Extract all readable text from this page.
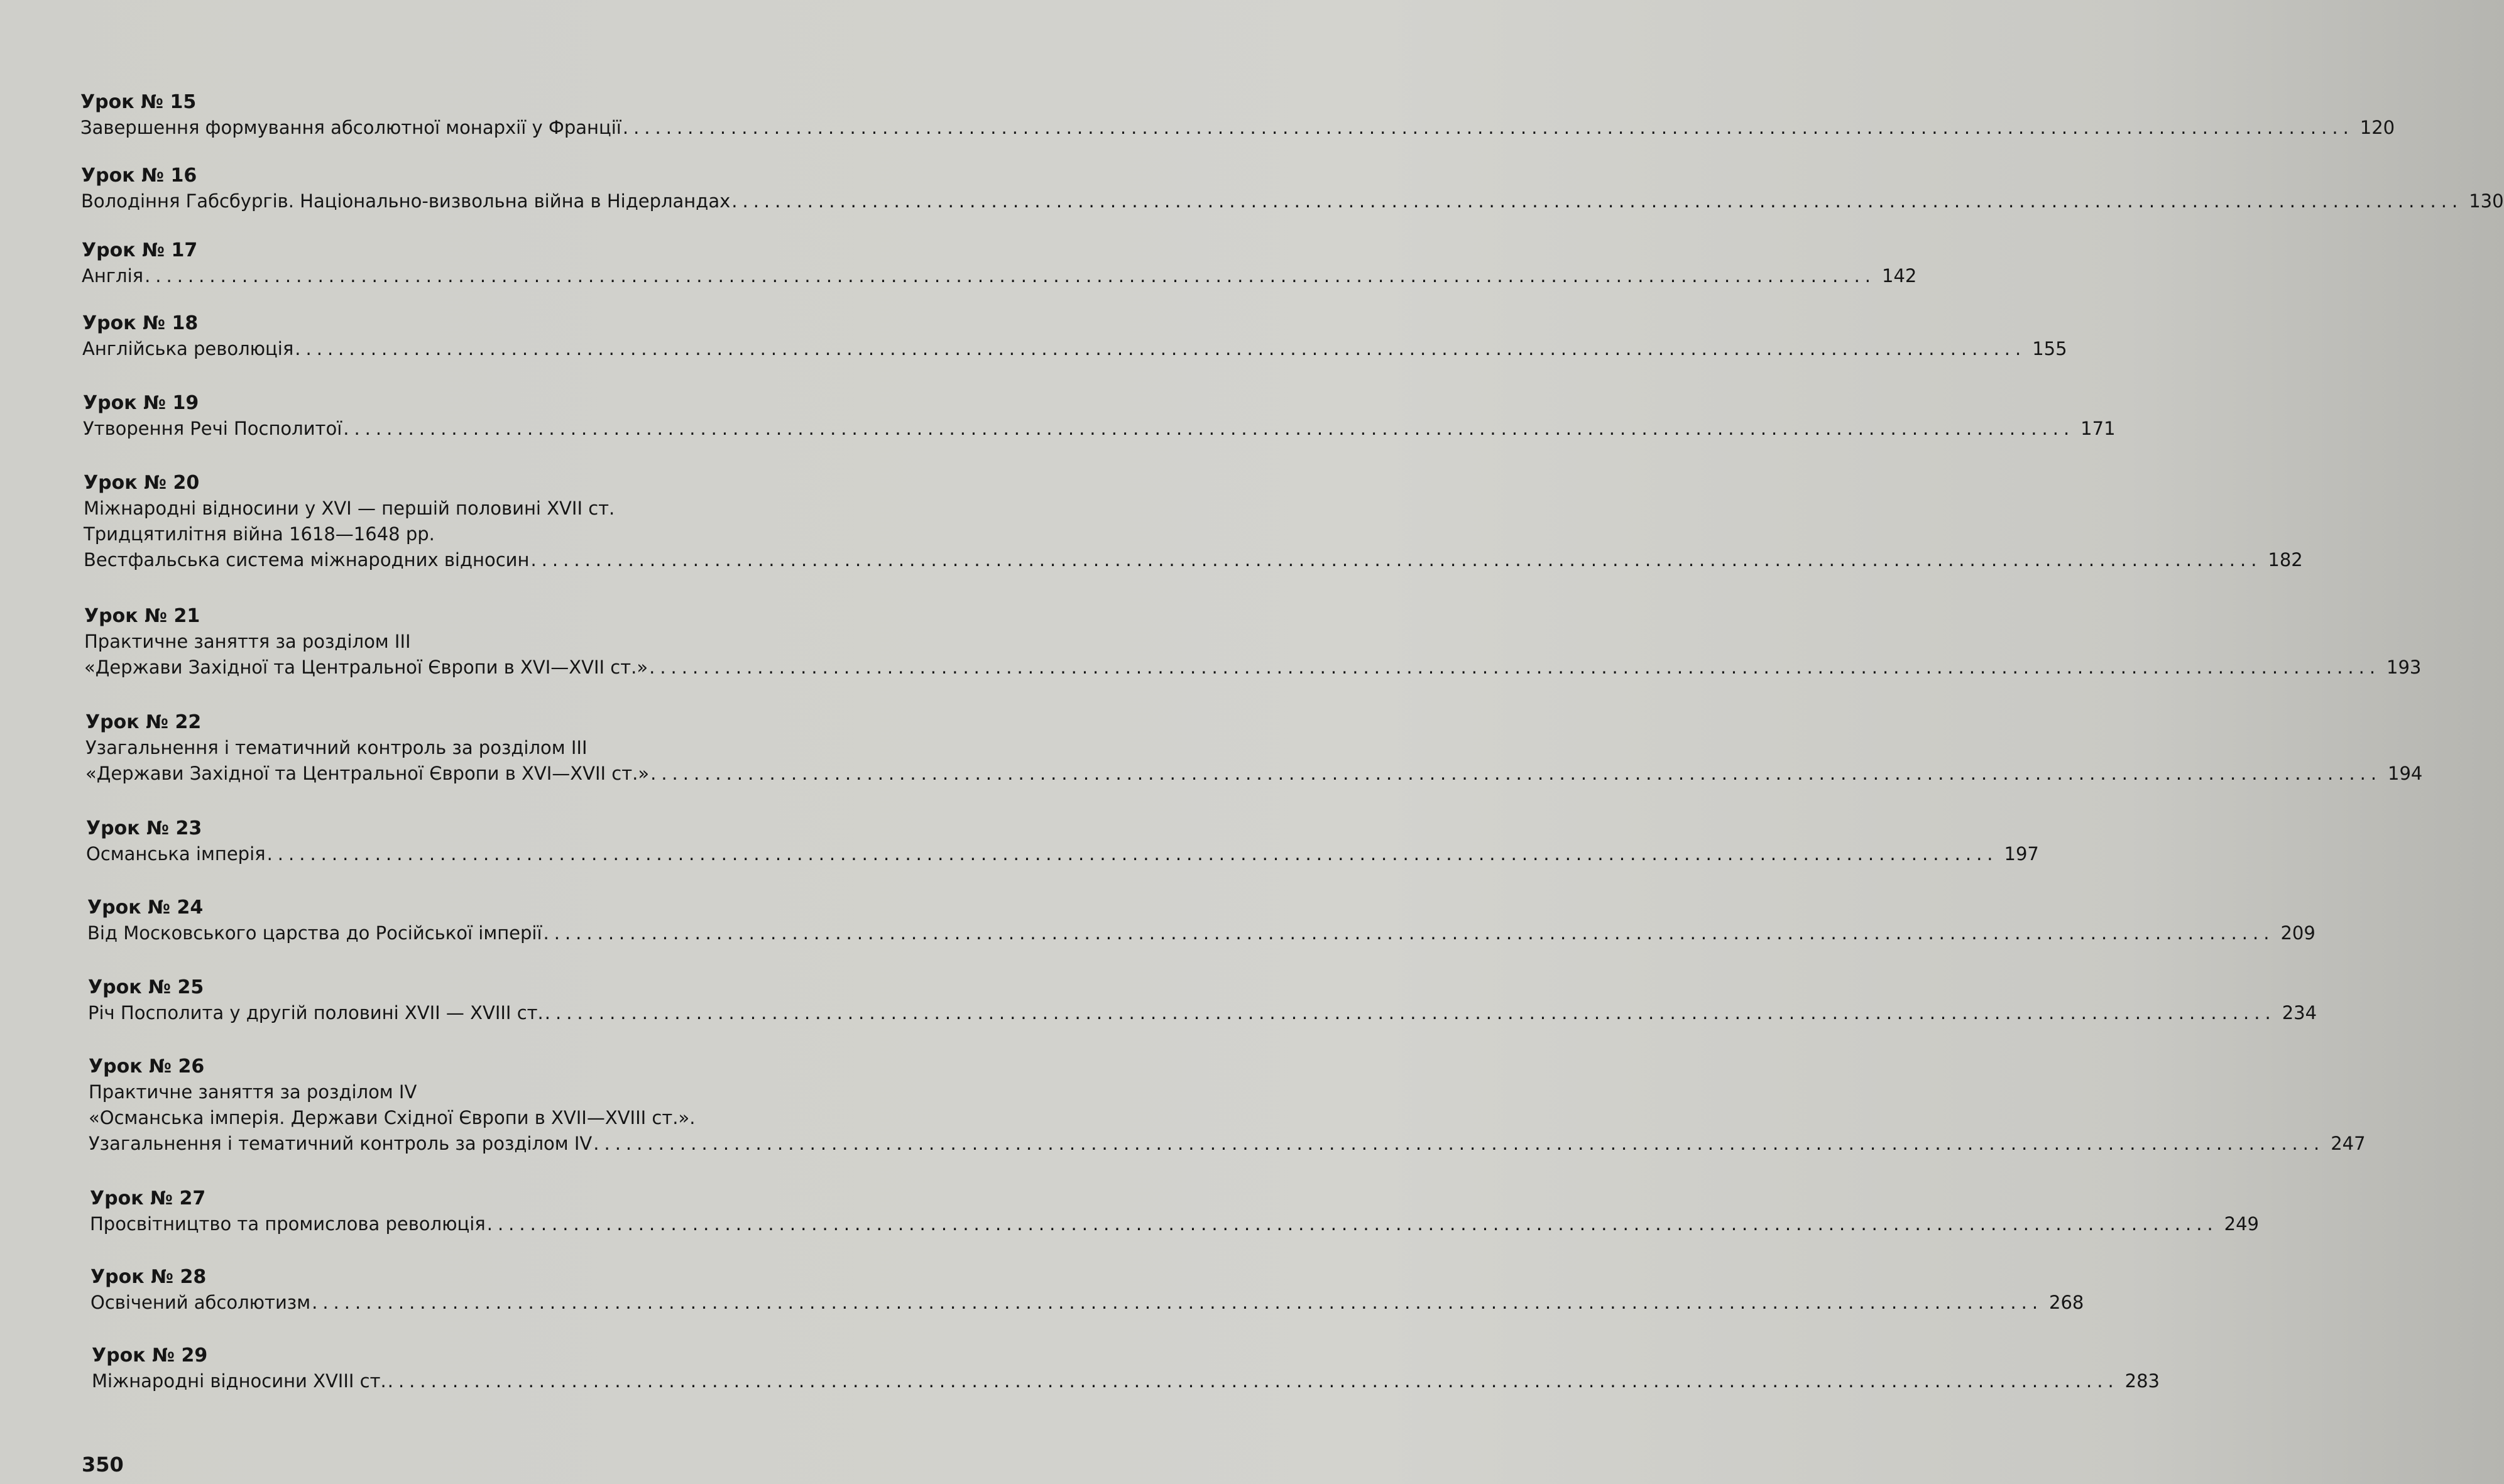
Урок № 15
Завершення формування абсолютної монархії у Франції .....	120
Урок № 16
Володіння Габсбургів. Національно-визвольна війна в Нідерландах .....	130
Урок № 17
Англія .....	142
Урок № 18
Англійська революція .....	155
Урок № 19
Утворення Речі Посполитої .....	171
Урок № 20
Міжнародні відносини у XVI — першій половині XVII ст.
Тридцятилітня війна 1618—1648 рр.
Вестфальська система міжнародних відносин .....	182
Урок № 21
Практичне заняття за розділом III
«Держави Західної та Центральної Європи в XVI—XVII ст.» .....	193
Урок № 22
Узагальнення і тематичний контроль за розділом III
«Держави Західної та Центральної Європи в XVI—XVII ст.» .....	194
Урок № 23
Османська імперія .....	197
Урок № 24
Від Московського царства до Російської імперії .....	209
Урок № 25
Річ Посполита у другій половині XVII — XVIII ст. .....	234
Урок № 26
Практичне заняття за розділом IV
«Османська імперія. Держави Східної Європи в XVII—XVIII ст.».
Узагальнення і тематичний контроль за розділом IV .....	247
Урок № 27
Просвітництво та промислова революція .....	249
Урок № 28
Освічений абсолютизм .....	268
Урок № 29
Міжнародні відносини XVIII ст. .....	283
350
